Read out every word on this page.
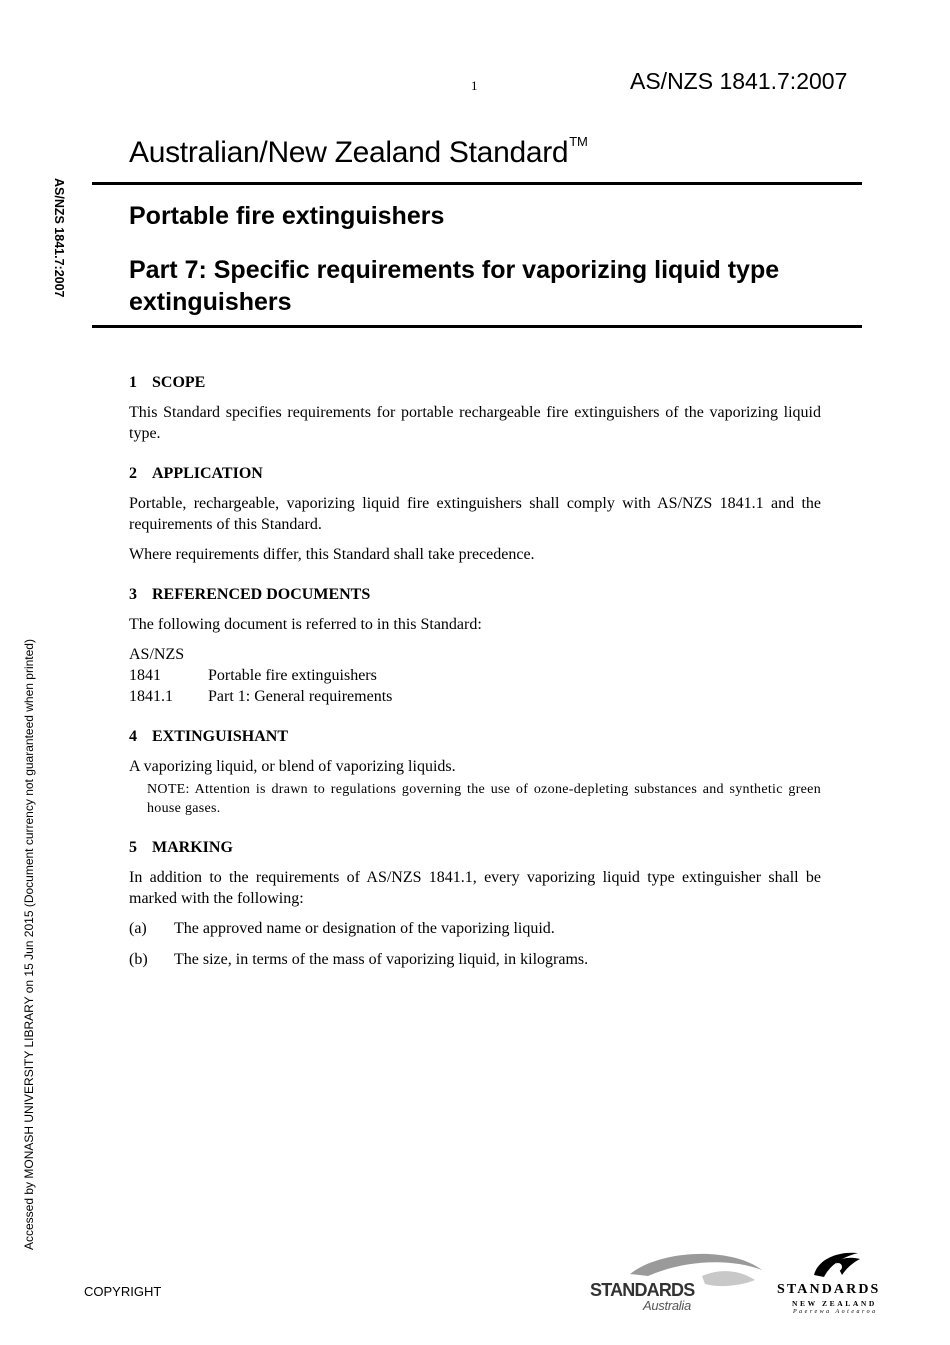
1	AS/NZS 1841.7:2007
Australian/New Zealand Standard™
Portable fire extinguishers
Part 7: Specific requirements for vaporizing liquid type extinguishers
AS/NZS 1841.7:2007
Accessed by MONASH UNIVERSITY LIBRARY on 15 Jun 2015 (Document currency not guaranteed when printed)
1 SCOPE
This Standard specifies requirements for portable rechargeable fire extinguishers of the vaporizing liquid type.
2 APPLICATION
Portable, rechargeable, vaporizing liquid fire extinguishers shall comply with AS/NZS 1841.1 and the requirements of this Standard.
Where requirements differ, this Standard shall take precedence.
3 REFERENCED DOCUMENTS
The following document is referred to in this Standard:
AS/NZS
1841	Portable fire extinguishers
1841.1	Part 1: General requirements
4 EXTINGUISHANT
A vaporizing liquid, or blend of vaporizing liquids.
NOTE: Attention is drawn to regulations governing the use of ozone-depleting substances and synthetic green house gases.
5 MARKING
In addition to the requirements of AS/NZS 1841.1, every vaporizing liquid type extinguisher shall be marked with the following:
(a)	The approved name or designation of the vaporizing liquid.
(b)	The size, in terms of the mass of vaporizing liquid, in kilograms.
COPYRIGHT	STANDARDS
Australia
STANDARDS
NEW ZEALAND
Paerewa Aotearoa
